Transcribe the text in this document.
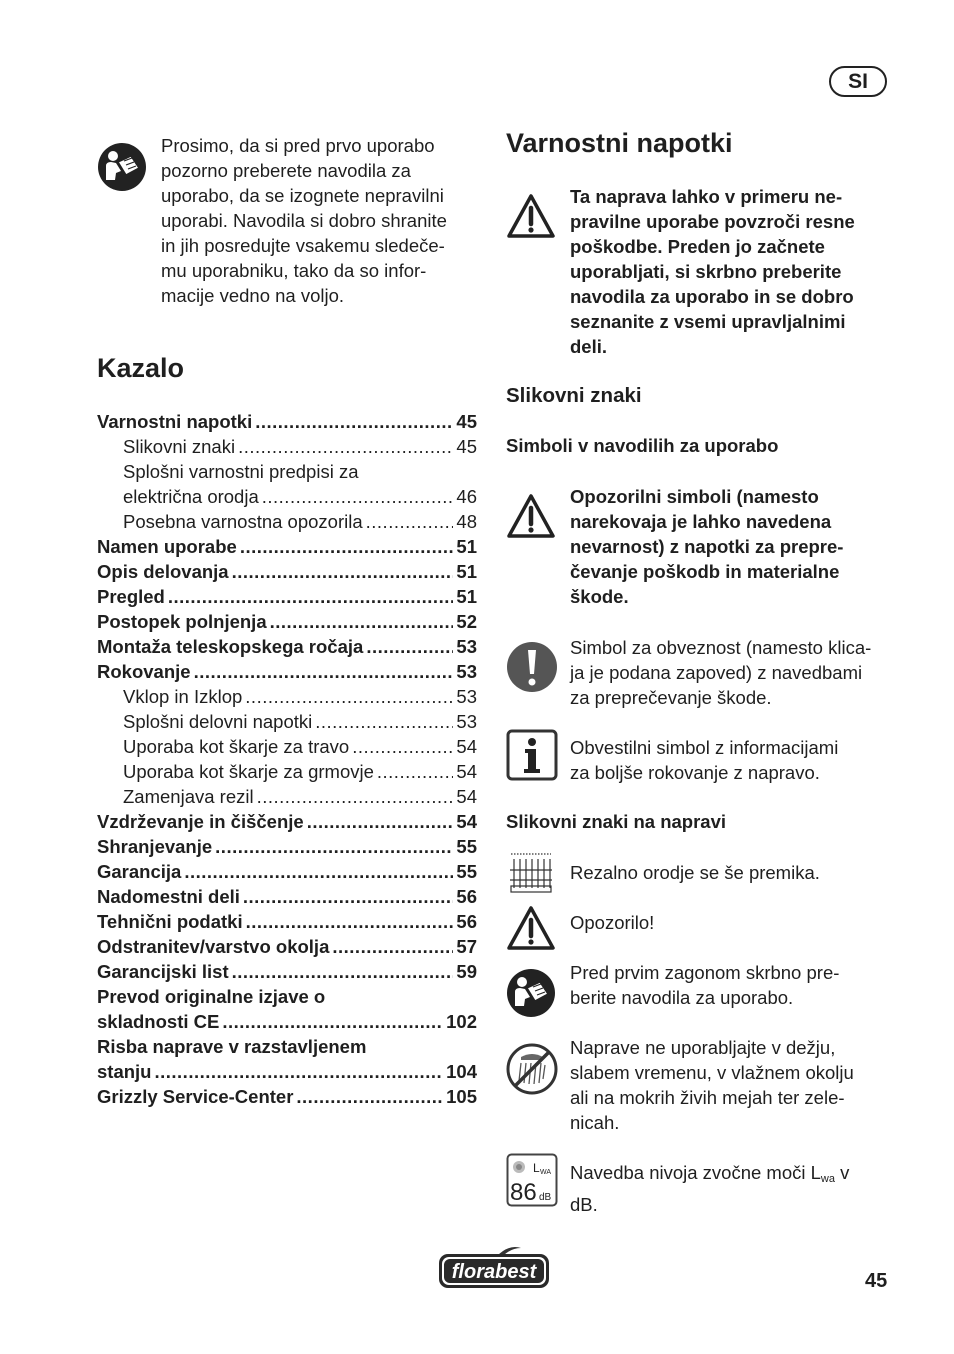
SI
Prosimo, da si pred prvo uporabo
pozorno preberete navodila za
uporabo, da se izognete nepravilni
uporabi. Navodila si dobro shranite
in jih posredujte vsakemu sledeče-
mu uporabniku, tako da so infor-
macije vedno na voljo.
Kazalo
Varnostni napotki .....	45
Slikovni znaki .....	45
Splošni varnostni predpisi za
električna orodja .....	46
Posebna varnostna opozorila .....	48
Namen uporabe .....	51
Opis delovanja .....	51
Pregled .....	51
Postopek polnjenja .....	52
Montaža teleskopskega ročaja .....	53
Rokovanje .....	53
Vklop in Izklop .....	53
Splošni delovni napotki .....	53
Uporaba kot škarje za travo .....	54
Uporaba kot škarje za grmovje .....	54
Zamenjava rezil .....	54
Vzdrževanje in čiščenje .....	54
Shranjevanje .....	55
Garancija .....	55
Nadomestni deli .....	56
Tehnični podatki .....	56
Odstranitev/varstvo okolja .....	57
Garancijski list .....	59
Prevod originalne izjave o
skladnosti CE .....	102
Risba naprave v razstavljenem
stanju .....	104
Grizzly Service-Center .....	105
Varnostni napotki
Ta naprava lahko v primeru ne-
pravilne uporabe povzroči resne
poškodbe. Preden jo začnete
uporabljati, si skrbno preberite
navodila za uporabo in se dobro
seznanite z vsemi upravljalnimi
deli.
Slikovni znaki
Simboli v navodilih za uporabo
Opozorilni simboli (namesto
narekovaja je lahko navedena
nevarnost) z napotki za prepre-
čevanje poškodb in materialne
škode.
Simbol za obveznost (namesto klica-
ja je podana zapoved) z navedbami
za preprečevanje škode.
Obvestilni simbol z informacijami
za boljše rokovanje z napravo.
Slikovni znaki na napravi
Rezalno orodje se še premika.
Opozorilo!
Pred prvim zagonom skrbno pre-
berite navodila za uporabo.
Naprave ne uporabljajte v dežju,
slabem vremenu, v vlažnem okolju
ali na mokrih živih mejah ter zele-
nicah.
L WA
86 dB
Navedba nivoja zvočne moči $L_{wa}$ v
dB.
florabest	45
